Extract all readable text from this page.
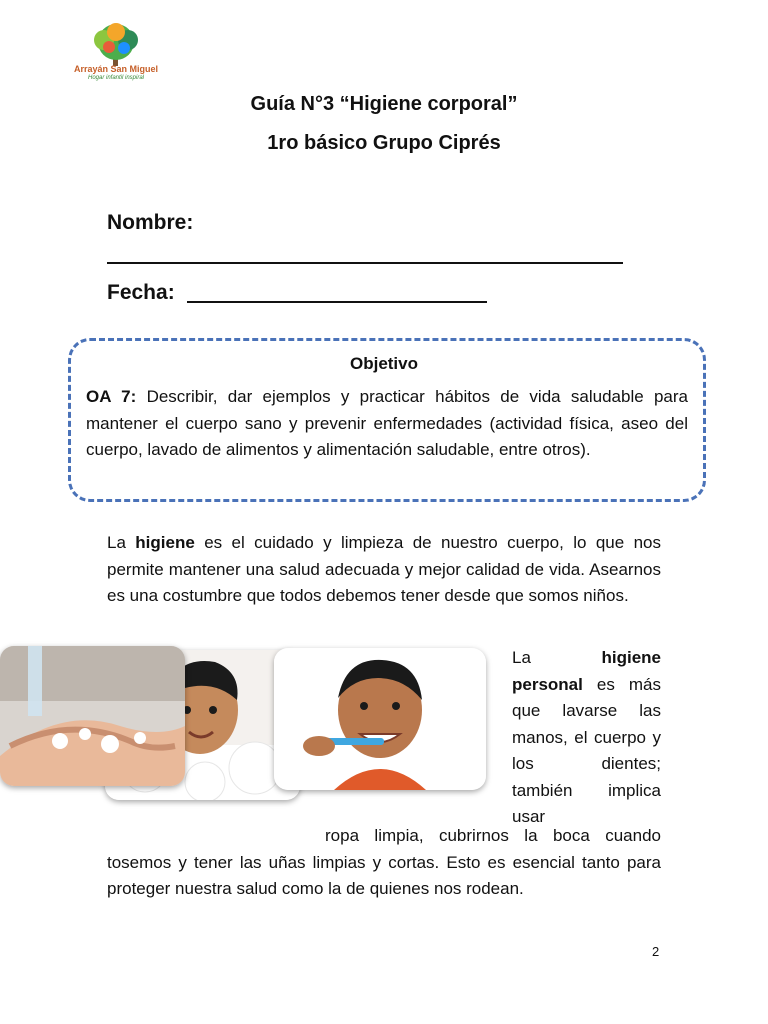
Arrayán San Miguel
Hogar infantil inspiral
Guía N°3 “Higiene corporal”
1ro básico Grupo Ciprés
Nombre:
Fecha:
Objetivo
OA 7: Describir, dar ejemplos y practicar hábitos de vida saludable para mantener el cuerpo sano y prevenir enfermedades (actividad física, aseo del cuerpo, lavado de alimentos y alimentación saludable, entre otros).
La higiene es el cuidado y limpieza de nuestro cuerpo, lo que nos permite mantener una salud adecuada y mejor calidad de vida. Asearnos es una costumbre que todos debemos tener desde que somos niños.
La higiene personal es más que lavarse las manos, el cuerpo y los dientes; también implica usar
ropa limpia, cubrirnos la boca cuando tosemos y tener las uñas limpias y cortas. Esto es esencial tanto para proteger nuestra salud como la de quienes nos rodean.
2
